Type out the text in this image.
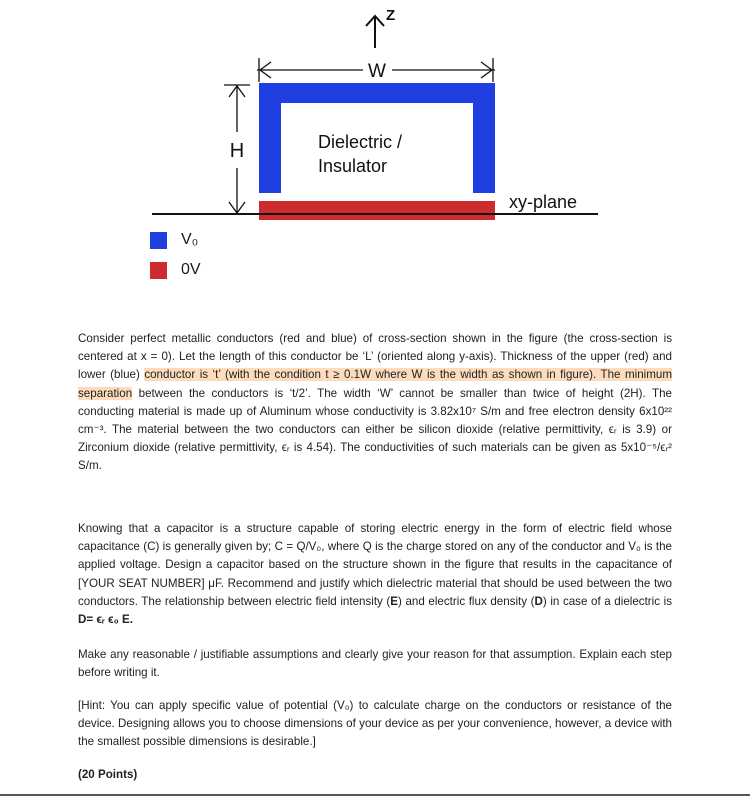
Z
W
H	Dielectric /
Insulator
xy-plane
V₀
0V

Consider perfect metallic conductors (red and blue) of cross-section shown in the figure (the cross-section is centered at x = 0). Let the length of this conductor be ‘L’ (oriented along y-axis). Thickness of the upper (red) and lower (blue) conductor is ‘t’ (with the condition t ≥ 0.1W where W is the width as shown in figure). The minimum separation between the conductors is ‘t/2’. The width ‘W’ cannot be smaller than twice of height (2H). The conducting material is made up of Aluminum whose conductivity is 3.82x10⁷ S/m and free electron density 6x10²² cm⁻³. The material between the two conductors can either be silicon dioxide (relative permittivity, ϵᵣ is 3.9) or Zirconium dioxide (relative permittivity, ϵᵣ is 4.54). The conductivities of such materials can be given as 5x10⁻⁵/ϵᵣ² S/m.

Knowing that a capacitor is a structure capable of storing electric energy in the form of electric field whose capacitance (C) is generally given by; C = Q/V₀, where Q is the charge stored on any of the conductor and V₀ is the applied voltage. Design a capacitor based on the structure shown in the figure that results in the capacitance of [YOUR SEAT NUMBER] μF. Recommend and justify which dielectric material that should be used between the two conductors. The relationship between electric field intensity (E) and electric flux density (D) in case of a dielectric is D= ϵᵣ ϵ₀ E.

Make any reasonable / justifiable assumptions and clearly give your reason for that assumption. Explain each step before writing it.

[Hint: You can apply specific value of potential (V₀) to calculate charge on the conductors or resistance of the device. Designing allows you to choose dimensions of your device as per your convenience, however, a device with the smallest possible dimensions is desirable.]

(20 Points)
